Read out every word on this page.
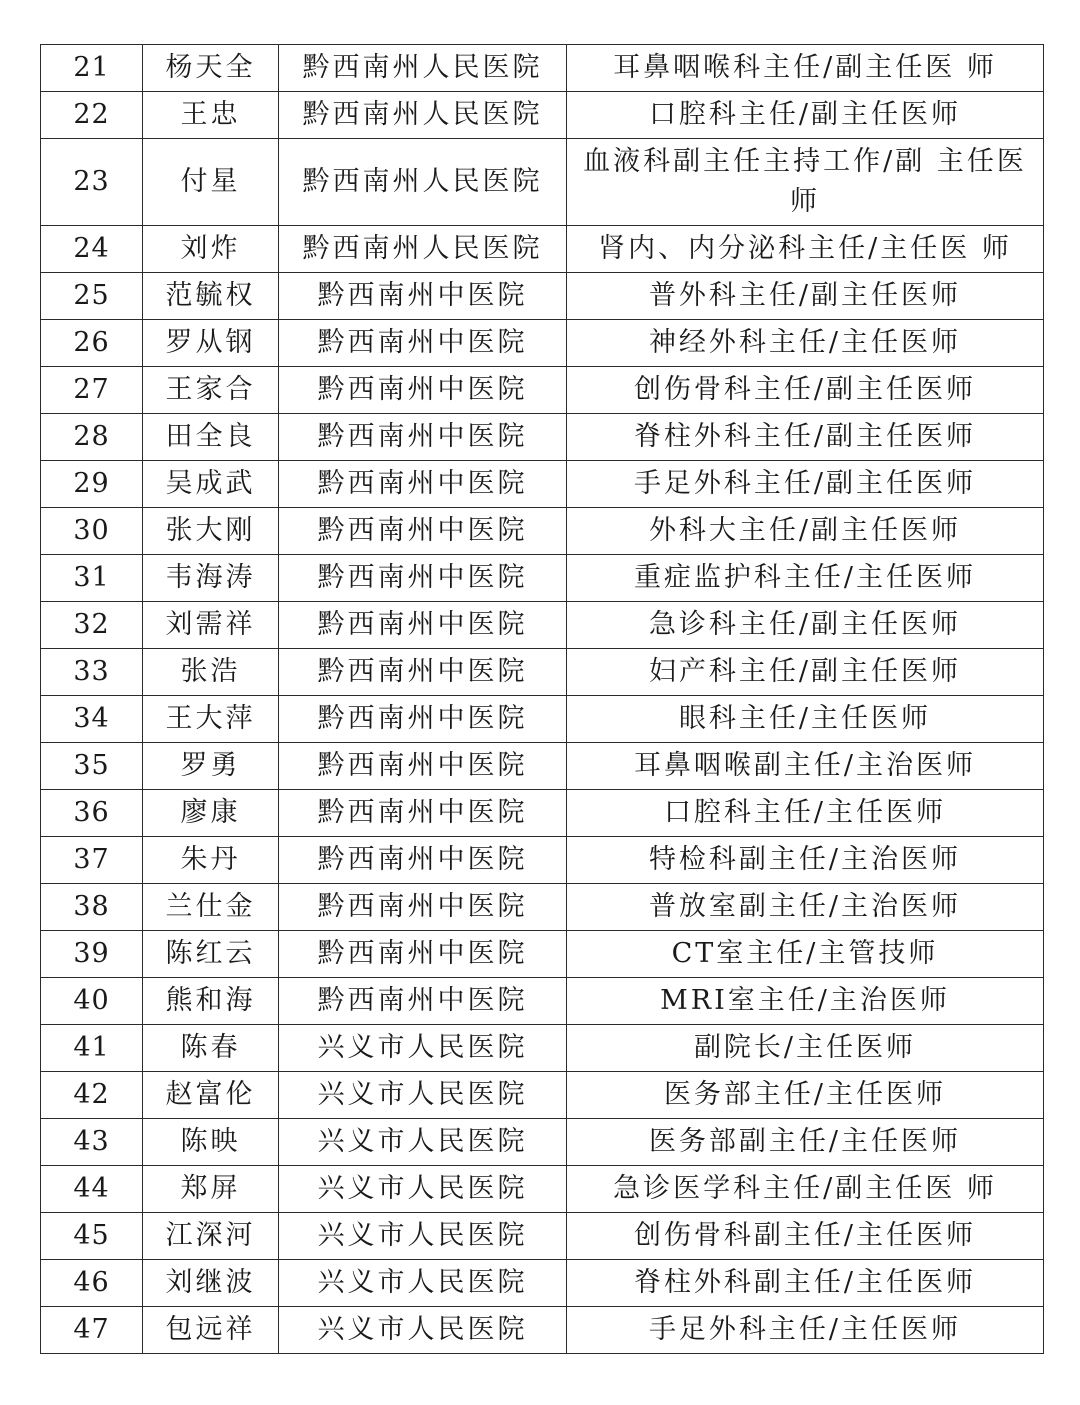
21	杨天全	黔西南州人民医院	耳鼻咽喉科主任/副主任医 师
22	王忠	黔西南州人民医院	口腔科主任/副主任医师
23	付星	黔西南州人民医院	血液科副主任主持工作/副 主任医师
24	刘炸	黔西南州人民医院	肾内、内分泌科主任/主任医 师
25	范毓权	黔西南州中医院	普外科主任/副主任医师
26	罗从钢	黔西南州中医院	神经外科主任/主任医师
27	王家合	黔西南州中医院	创伤骨科主任/副主任医师
28	田全良	黔西南州中医院	脊柱外科主任/副主任医师
29	吴成武	黔西南州中医院	手足外科主任/副主任医师
30	张大刚	黔西南州中医院	外科大主任/副主任医师
31	韦海涛	黔西南州中医院	重症监护科主任/主任医师
32	刘需祥	黔西南州中医院	急诊科主任/副主任医师
33	张浩	黔西南州中医院	妇产科主任/副主任医师
34	王大萍	黔西南州中医院	眼科主任/主任医师
35	罗勇	黔西南州中医院	耳鼻咽喉副主任/主治医师
36	廖康	黔西南州中医院	口腔科主任/主任医师
37	朱丹	黔西南州中医院	特检科副主任/主治医师
38	兰仕金	黔西南州中医院	普放室副主任/主治医师
39	陈红云	黔西南州中医院	CT室主任/主管技师
40	熊和海	黔西南州中医院	MRI室主任/主治医师
41	陈春	兴义市人民医院	副院长/主任医师
42	赵富伦	兴义市人民医院	医务部主任/主任医师
43	陈映	兴义市人民医院	医务部副主任/主任医师
44	郑屏	兴义市人民医院	急诊医学科主任/副主任医 师
45	江深河	兴义市人民医院	创伤骨科副主任/主任医师
46	刘继波	兴义市人民医院	脊柱外科副主任/主任医师
47	包远祥	兴义市人民医院	手足外科主任/主任医师
